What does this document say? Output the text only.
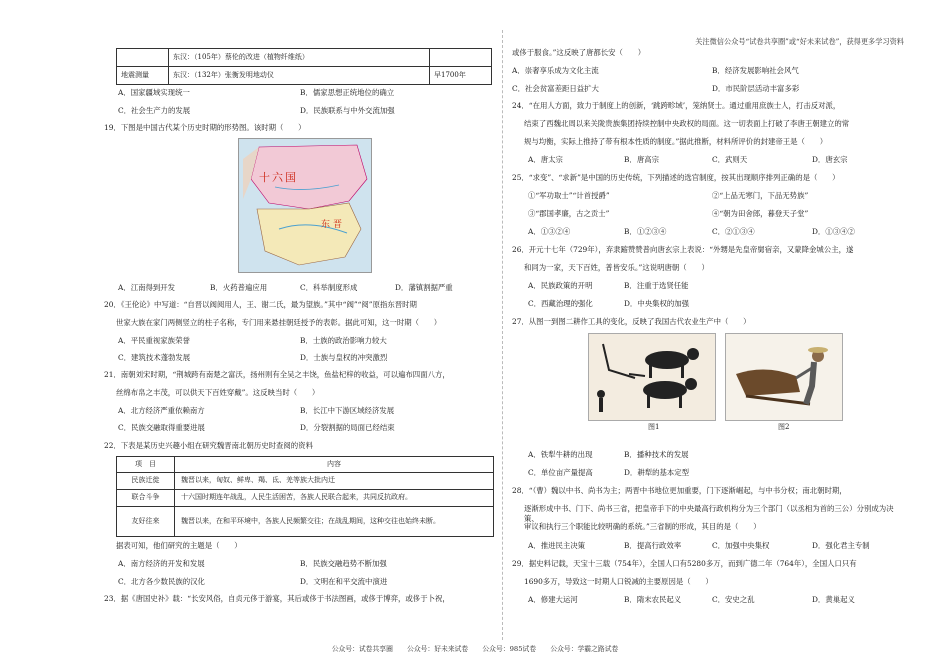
关注微信公众号“试卷共享圈”或“好未来试卷”，获得更多学习资料
	东汉：（105年）蔡伦的改进（植物纤维纸）	
地震测量	东汉：（132年）张衡发明地动仪	早1700年
A．国家疆域实现统一	B．儒家思想正统地位的确立
C．社会生产力的发展	D．民族联系与中外交流加强

19．下图是中国古代某个历史时期的形势图。该时期（　　）

十六国
东晋
A．江南得到开发	B．火药普遍应用	C．科举制度形成	D．藩镇割据严重

20．《王伦论》中写道：“自晋以阀阅用人，王、谢二氏，最为望族。”其中“阀”“阅”原指东晋时期

世家大族在家门两侧竖立的柱子名称，专门用来悬挂朝廷授予的表彰。据此可知，这一时期（　　）

A．平民重视家族荣誉	B．士族的政治影响力较大
C．建筑技术蓬勃发展	D．士族与皇权的冲突激烈

21．南朝刘宋时期，“荆城跨有南楚之富沃，扬州则有全吴之丰饶，鱼盐杞梓的收益，可以遍布四面八方，

丝绵布帛之丰茂，可以供天下百姓穿戴”。这反映当时（　　）

A．北方经济严重依赖南方	B．长江中下游区域经济发展
C．民族交融取得重要进展	D．分裂割据的局面已经结束

22．下表是某历史兴趣小组在研究魏晋南北朝历史时查阅的资料

项　目	内容
民族迁徙	魏晋以来，匈奴、鲜卑、羯、氐、羌等族大批内迁
联合斗争	十六国时期连年战乱，人民生活困苦，各族人民联合起来，共同反抗政府。
友好往来	魏晋以来，在和平环境中，各族人民频繁交往；在战乱期间，这种交往也始终未断。

据表可知，他们研究的主题是（　　）

A．南方经济的开发和发展	B．民族交融趋势不断加强
C．北方各少数民族的汉化	D．文明在和平交流中演进

23．据《唐国史补》载：“长安风俗，自贞元侈于游宴，其后或侈于书法图画，或侈于博弈，或侈于卜祝，

或侈于服食。”这反映了唐都长安（　　）

A．崇奢享乐成为文化主流	B．经济发展影响社会风气
C．社会贫富差距日益扩大	D．市民阶层活动丰富多彩

24．“在用人方面，致力于制度上的创新，‘跳跨畛域’，笼纳贤士。通过重用庶族士人，打击反对派，

结束了西魏北周以来关陇贵族集团持续控制中央政权的局面。这一切表面上打破了李唐王朝建立的常

规与均衡，实际上推持了带有根本性质的制度。”据此推断，材料所评价的封建帝王是（　　）

A．唐太宗	B．唐高宗	C．武则天	D．唐玄宗

25．“求变”、“求新”是中国的历史传统，下列描述的选官制度，按其出现顺序排列正确的是（　　）

①“军功取士”“计首授爵”	②“上品无寒门，下品无势族”
③“郡国孝廉，古之贡士”	④“朝为田舍郎，暮登天子堂”
A．①③②④	B．①②③④	C．②①③④	D．①③④②

26．开元十七年（729年），弃隶蹜赞赞普向唐玄宗上表说：“外甥是先皇帝舅宿亲，又蒙降金城公主，遂

和同为一家，天下百姓，普皆安乐。”这说明唐朝（　　）

A．民族政策的开明	B．注重于选贤任能
C．西藏治理的强化	D．中央集权的加强

27．从图一到图二耕作工具的变化，反映了我国古代农业生产中（　　）

图1	图2
A．铁犁牛耕的出现	B．播种技术的发展
C．单位亩产量提高	D．耕犁的基本定型

28．“（曹）魏以中书、尚书为主；两晋中书地位更加重要，门下逐渐崛起，与中书分权；南北朝时期，

逐渐形成中书、门下、尚书三省，把皇帝手下的中央最高行政机构分为三个部门（以丞相为首的三公）分别成为决策、

审议和执行三个职能比较明确的系统。”三省制的形成，其目的是（　　）

A．推进民主决策	B．提高行政效率	C．加强中央集权	D．强化君主专制

29．据史料记载，天宝十三载（754年），全国人口有5280多万，而到广德二年（764年），全国人口只有

1690多万，导致这一时期人口锐减的主要原因是（　　）

A．修建大运河	B．隋末农民起义	C．安史之乱	D．黄巢起义
公众号：试卷共享圈 公众号：好未来试卷 公众号：985试卷 公众号：学霸之路试卷
